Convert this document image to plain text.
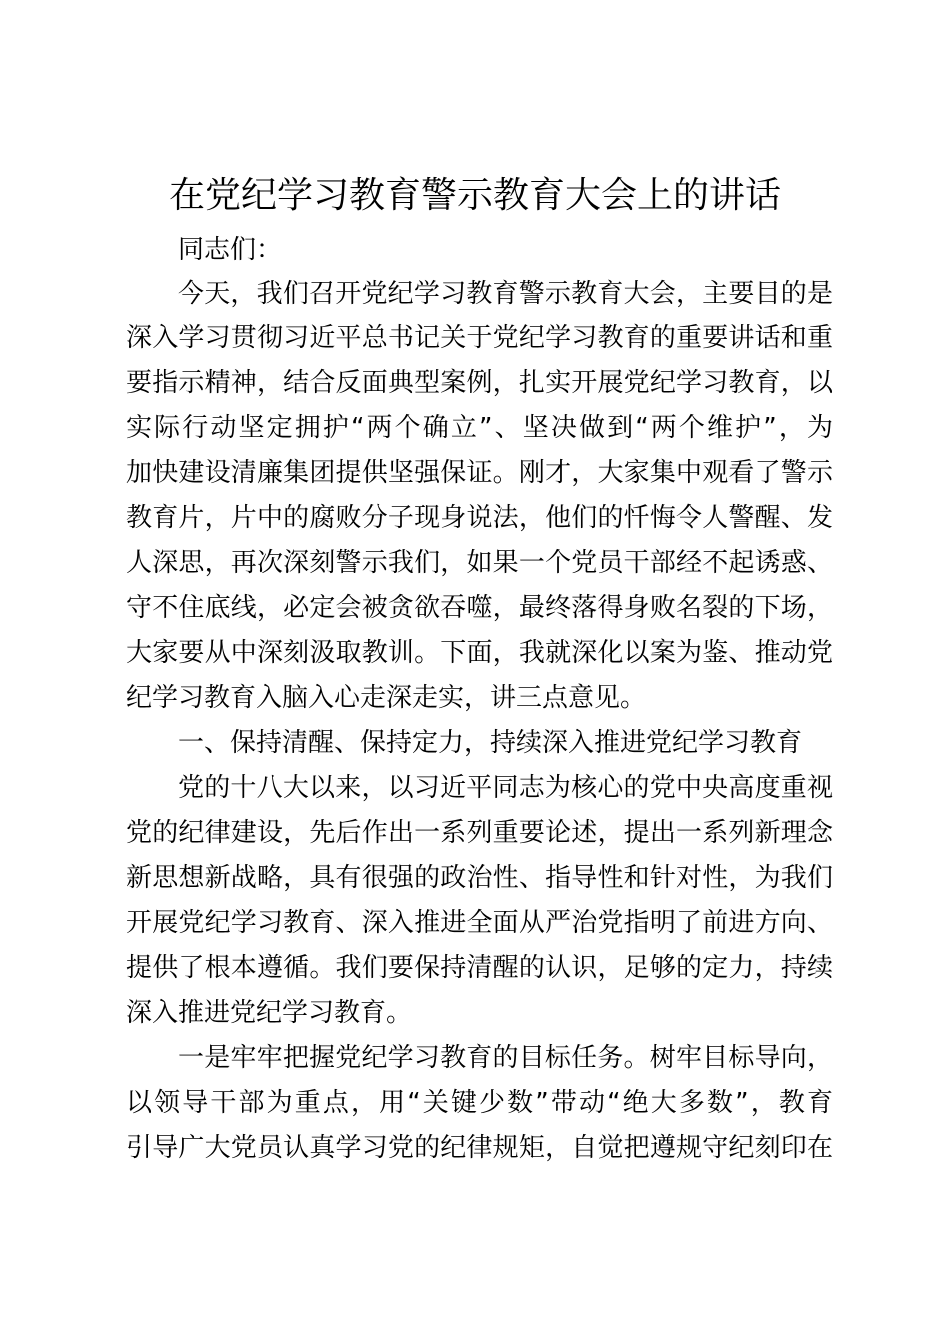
在党纪学习教育警示教育大会上的讲话
同志们：
今天，我们召开党纪学习教育警示教育大会，主要目的是
深入学习贯彻习近平总书记关于党纪学习教育的重要讲话和重
要指示精神，结合反面典型案例，扎实开展党纪学习教育，以
实际行动坚定拥护“两个确立”、坚决做到“两个维护”，为
加快建设清廉集团提供坚强保证。刚才，大家集中观看了警示
教育片，片中的腐败分子现身说法，他们的忏悔令人警醒、发
人深思，再次深刻警示我们，如果一个党员干部经不起诱惑、
守不住底线，必定会被贪欲吞噬，最终落得身败名裂的下场，
大家要从中深刻汲取教训。下面，我就深化以案为鉴、推动党
纪学习教育入脑入心走深走实，讲三点意见。
一、保持清醒、保持定力，持续深入推进党纪学习教育
党的十八大以来，以习近平同志为核心的党中央高度重视
党的纪律建设，先后作出一系列重要论述，提出一系列新理念
新思想新战略，具有很强的政治性、指导性和针对性，为我们
开展党纪学习教育、深入推进全面从严治党指明了前进方向、
提供了根本遵循。我们要保持清醒的认识，足够的定力，持续
深入推进党纪学习教育。
一是牢牢把握党纪学习教育的目标任务。树牢目标导向，
以领导干部为重点，用“关键少数”带动“绝大多数”，教育
引导广大党员认真学习党的纪律规矩，自觉把遵规守纪刻印在
